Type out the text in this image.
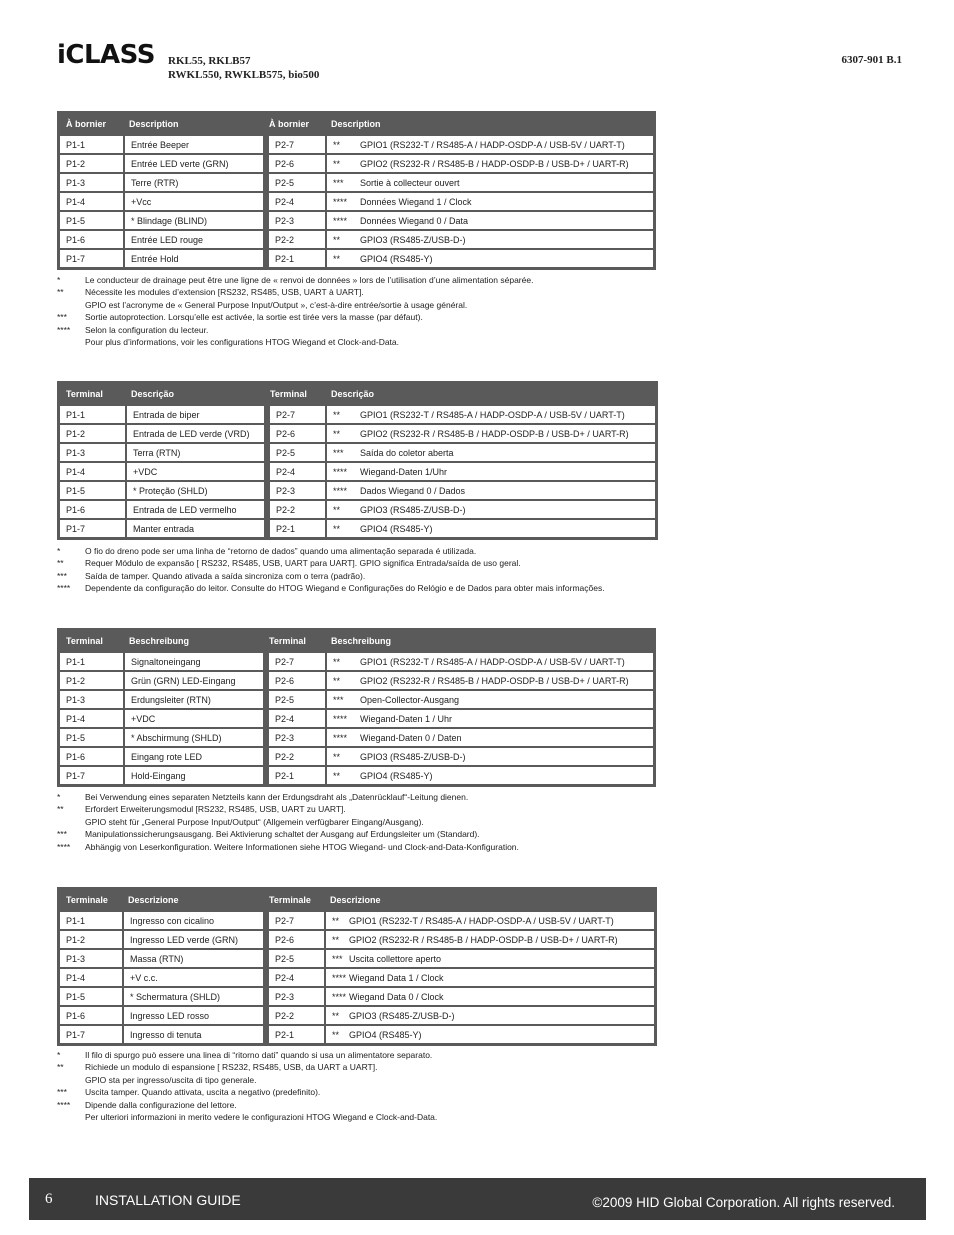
iCLASS RKL55, RKLB57
RWKL550, RWKLB575, bio500
6307-901 B.1
À bornier	Description	À bornier	Description
P1-1	Entrée Beeper	P2-7	** GPIO1 (RS232-T / RS485-A / HADP-OSDP-A / USB-5V / UART-T)
P1-2	Entrée LED verte (GRN)	P2-6	** GPIO2 (RS232-R / RS485-B / HADP-OSDP-B / USB-D+ / UART-R)
P1-3	Terre (RTR)	P2-5	*** Sortie à collecteur ouvert
P1-4	+Vcc	P2-4	**** Données Wiegand 1 / Clock
P1-5	* Blindage (BLIND)	P2-3	**** Données Wiegand 0 / Data
P1-6	Entrée LED rouge	P2-2	** GPIO3 (RS485-Z/USB-D-)
P1-7	Entrée Hold	P2-1	** GPIO4 (RS485-Y)
*	Le conducteur de drainage peut être une ligne de « renvoi de données » lors de l’utilisation d’une alimentation séparée.
**	Nécessite les modules d’extension [RS232, RS485, USB, UART à UART].
GPIO est l’acronyme de « General Purpose Input/Output », c’est-à-dire entrée/sortie à usage général.
***	Sortie autoprotection. Lorsqu’elle est activée, la sortie est tirée vers la masse (par défaut).
****	Selon la configuration du lecteur.
Pour plus d’informations, voir les configurations HTOG Wiegand et Clock-and-Data.
Terminal	Descrição	Terminal	Descrição
P1-1	Entrada de biper	P2-7	** GPIO1 (RS232-T / RS485-A / HADP-OSDP-A / USB-5V / UART-T)
P1-2	Entrada de LED verde (VRD)	P2-6	** GPIO2 (RS232-R / RS485-B / HADP-OSDP-B / USB-D+ / UART-R)
P1-3	Terra (RTN)	P2-5	*** Saída do coletor aberta
P1-4	+VDC	P2-4	**** Wiegand-Daten 1/Uhr
P1-5	* Proteção (SHLD)	P2-3	**** Dados Wiegand 0 / Dados
P1-6	Entrada de LED vermelho	P2-2	** GPIO3 (RS485-Z/USB-D-)
P1-7	Manter entrada	P2-1	** GPIO4 (RS485-Y)
*	O fio do dreno pode ser uma linha de “retorno de dados” quando uma alimentação separada é utilizada.
**	Requer Módulo de expansão [ RS232, RS485, USB, UART para UART]. GPIO significa Entrada/saída de uso geral.
***	Saída de tamper. Quando ativada a saída sincroniza com o terra (padrão).
****	Dependente da configuração do leitor. Consulte do HTOG Wiegand e Configurações do Relógio e de Dados para obter mais informações.
Terminal	Beschreibung	Terminal	Beschreibung
P1-1	Signaltoneingang	P2-7	** GPIO1 (RS232-T / RS485-A / HADP-OSDP-A / USB-5V / UART-T)
P1-2	Grün (GRN) LED-Eingang	P2-6	** GPIO2 (RS232-R / RS485-B / HADP-OSDP-B / USB-D+ / UART-R)
P1-3	Erdungsleiter (RTN)	P2-5	*** Open-Collector-Ausgang
P1-4	+VDC	P2-4	**** Wiegand-Daten 1 / Uhr
P1-5	* Abschirmung (SHLD)	P2-3	**** Wiegand-Daten 0 / Daten
P1-6	Eingang rote LED	P2-2	** GPIO3 (RS485-Z/USB-D-)
P1-7	Hold-Eingang	P2-1	** GPIO4 (RS485-Y)
*	Bei Verwendung eines separaten Netzteils kann der Erdungsdraht als „Datenrücklauf“-Leitung dienen.
**	Erfordert Erweiterungsmodul [RS232, RS485, USB, UART zu UART].
GPIO steht für „General Purpose Input/Output“ (Allgemein verfügbarer Eingang/Ausgang).
***	Manipulationssicherungsausgang. Bei Aktivierung schaltet der Ausgang auf Erdungsleiter um (Standard).
****	Abhängig von Leserkonfiguration. Weitere Informationen siehe HTOG Wiegand- und Clock-and-Data-Konfiguration.
Terminale	Descrizione	Terminale	Descrizione
P1-1	Ingresso con cicalino	P2-7	** GPIO1 (RS232-T / RS485-A / HADP-OSDP-A / USB-5V / UART-T)
P1-2	Ingresso LED verde (GRN)	P2-6	** GPIO2 (RS232-R / RS485-B / HADP-OSDP-B / USB-D+ / UART-R)
P1-3	Massa (RTN)	P2-5	*** Uscita collettore aperto
P1-4	+V c.c.	P2-4	**** Wiegand Data 1 / Clock
P1-5	* Schermatura (SHLD)	P2-3	**** Wiegand Data 0 / Clock
P1-6	Ingresso LED rosso	P2-2	** GPIO3 (RS485-Z/USB-D-)
P1-7	Ingresso di tenuta	P2-1	** GPIO4 (RS485-Y)
*	Il filo di spurgo può essere una linea di “ritorno dati” quando si usa un alimentatore separato.
**	Richiede un modulo di espansione [ RS232, RS485, USB, da UART a UART].
GPIO sta per ingresso/uscita di tipo generale.
***	Uscita tamper. Quando attivata, uscita a negativo (predefinito).
****	Dipende dalla configurazione del lettore.
Per ulteriori informazioni in merito vedere le configurazioni HTOG Wiegand e Clock-and-Data.
6	INSTALLATION GUIDE	©2009 HID Global Corporation. All rights reserved.
